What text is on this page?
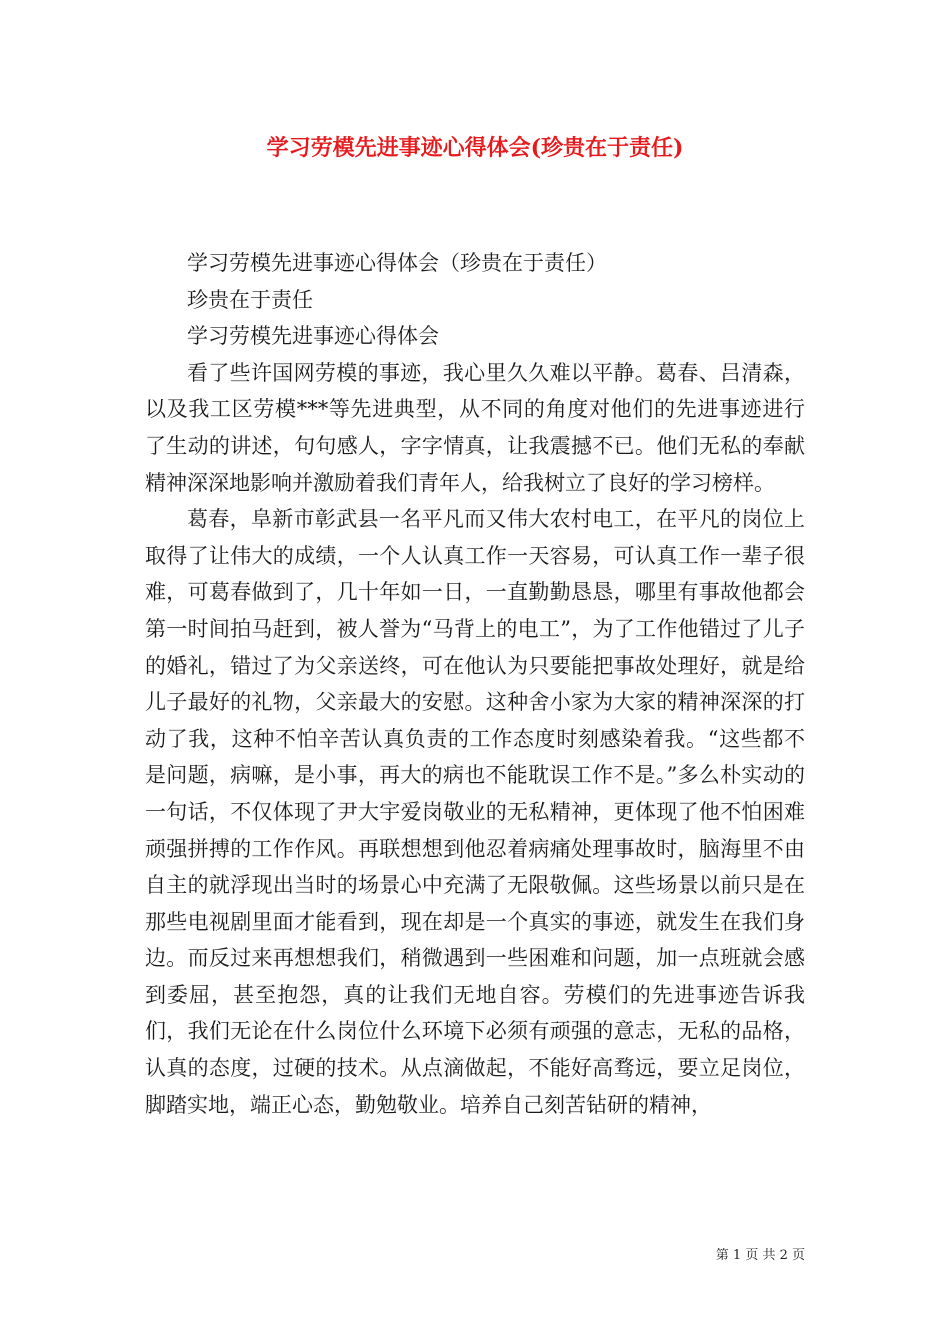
学习劳模先进事迹心得体会(珍贵在于责任)

学习劳模先进事迹心得体会（珍贵在于责任）

珍贵在于责任

学习劳模先进事迹心得体会

看了些许国网劳模的事迹，我心里久久难以平静。葛春、吕清森，以及我工区劳模***等先进典型，从不同的角度对他们的先进事迹进行了生动的讲述，句句感人，字字情真，让我震撼不已。他们无私的奉献精神深深地影响并激励着我们青年人，给我树立了良好的学习榜样。

葛春，阜新市彰武县一名平凡而又伟大农村电工，在平凡的岗位上取得了让伟大的成绩，一个人认真工作一天容易，可认真工作一辈子很难，可葛春做到了，几十年如一日，一直勤勤恳恳，哪里有事故他都会第一时间拍马赶到，被人誉为“马背上的电工”，为了工作他错过了儿子的婚礼，错过了为父亲送终，可在他认为只要能把事故处理好，就是给儿子最好的礼物，父亲最大的安慰。这种舍小家为大家的精神深深的打动了我，这种不怕辛苦认真负责的工作态度时刻感染着我。“这些都不是问题，病嘛，是小事，再大的病也不能耽误工作不是。”多么朴实动的一句话，不仅体现了尹大宇爱岗敬业的无私精神，更体现了他不怕困难顽强拼搏的工作作风。再联想想到他忍着病痛处理事故时，脑海里不由自主的就浮现出当时的场景心中充满了无限敬佩。这些场景以前只是在那些电视剧里面才能看到，现在却是一个真实的事迹，就发生在我们身边。而反过来再想想我们，稍微遇到一些困难和问题，加一点班就会感到委屈，甚至抱怨，真的让我们无地自容。劳模们的先进事迹告诉我们，我们无论在什么岗位什么环境下必须有顽强的意志，无私的品格，认真的态度，过硬的技术。从点滴做起，不能好高骛远，要立足岗位，脚踏实地，端正心态，勤勉敬业。培养自己刻苦钻研的精神，

第 1 页 共 2 页
